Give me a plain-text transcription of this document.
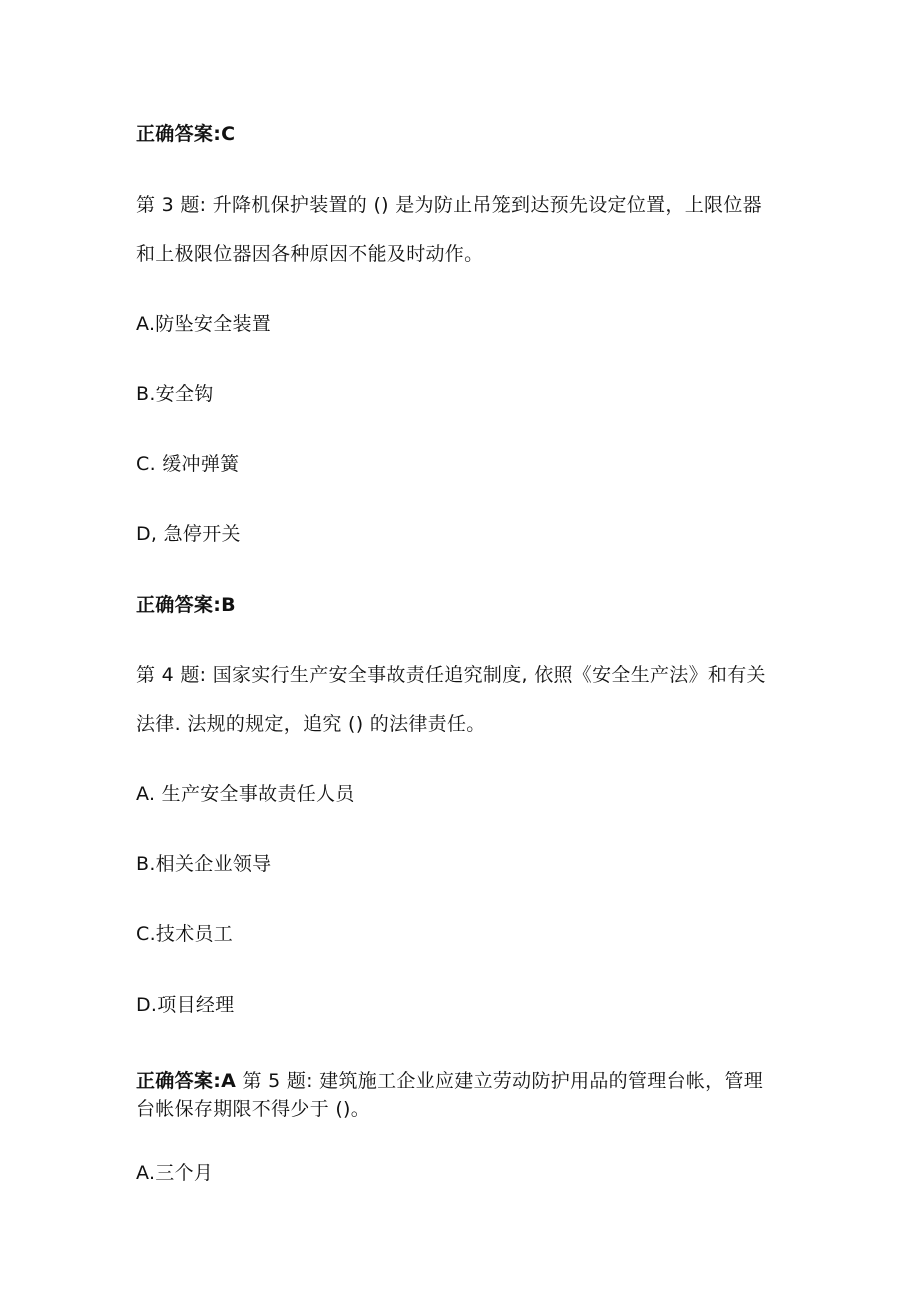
正确答案:C
第 3 题: 升降机保护装置的 () 是为防止吊笼到达预先设定位置，上限位器
和上极限位器因各种原因不能及时动作。
A.防坠安全装置
B.安全钩
C. 缓冲弹簧
D, 急停开关
正确答案:B
第 4 题: 国家实行生产安全事故责任追究制度, 依照《安全生产法》和有关
法律. 法规的规定，追究 () 的法律责任。
A. 生产安全事故责任人员
B.相关企业领导
C.技术员工
D.项目经理
正确答案:A 第 5 题: 建筑施工企业应建立劳动防护用品的管理台帐，管理
台帐保存期限不得少于 ()。
A.三个月
